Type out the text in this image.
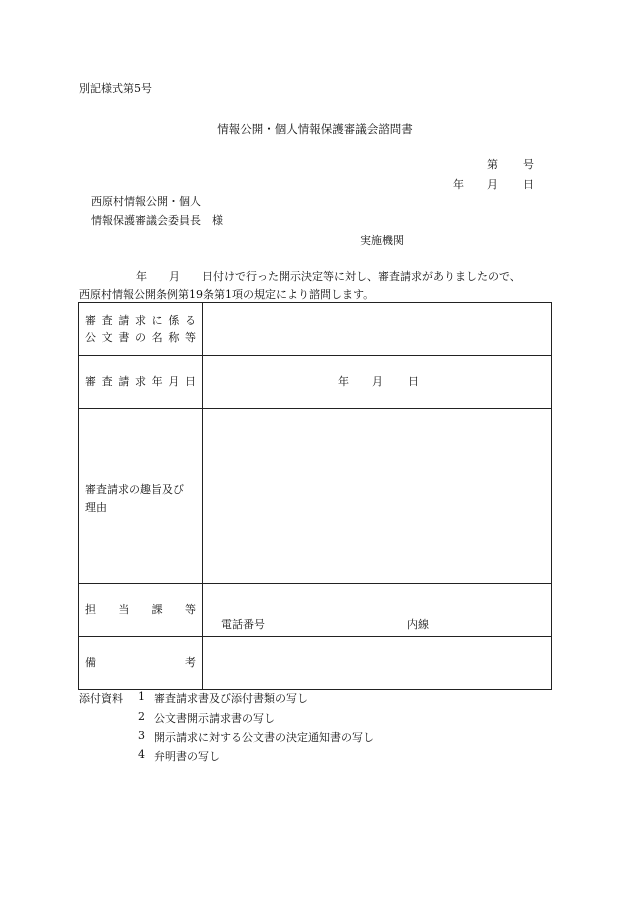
別記様式第5号
情報公開・個人情報保護審議会諮問書
第 号
年 月 日
西原村情報公開・個人
情報保護審議会委員長　様
実施機関
年　　月　　日付けで行った開示決定等に対し、審査請求がありましたので、
西原村情報公開条例第19条第1項の規定により諮問します。
審査請求に係る
公文書の名称等
審査請求年月日	年 月 日
審査請求の趣旨及び
理由
担当課等
電話番号	内線
備考
添付資料 1 審査請求書及び添付書類の写し
2 公文書開示請求書の写し
3 開示請求に対する公文書の決定通知書の写し
4 弁明書の写し
